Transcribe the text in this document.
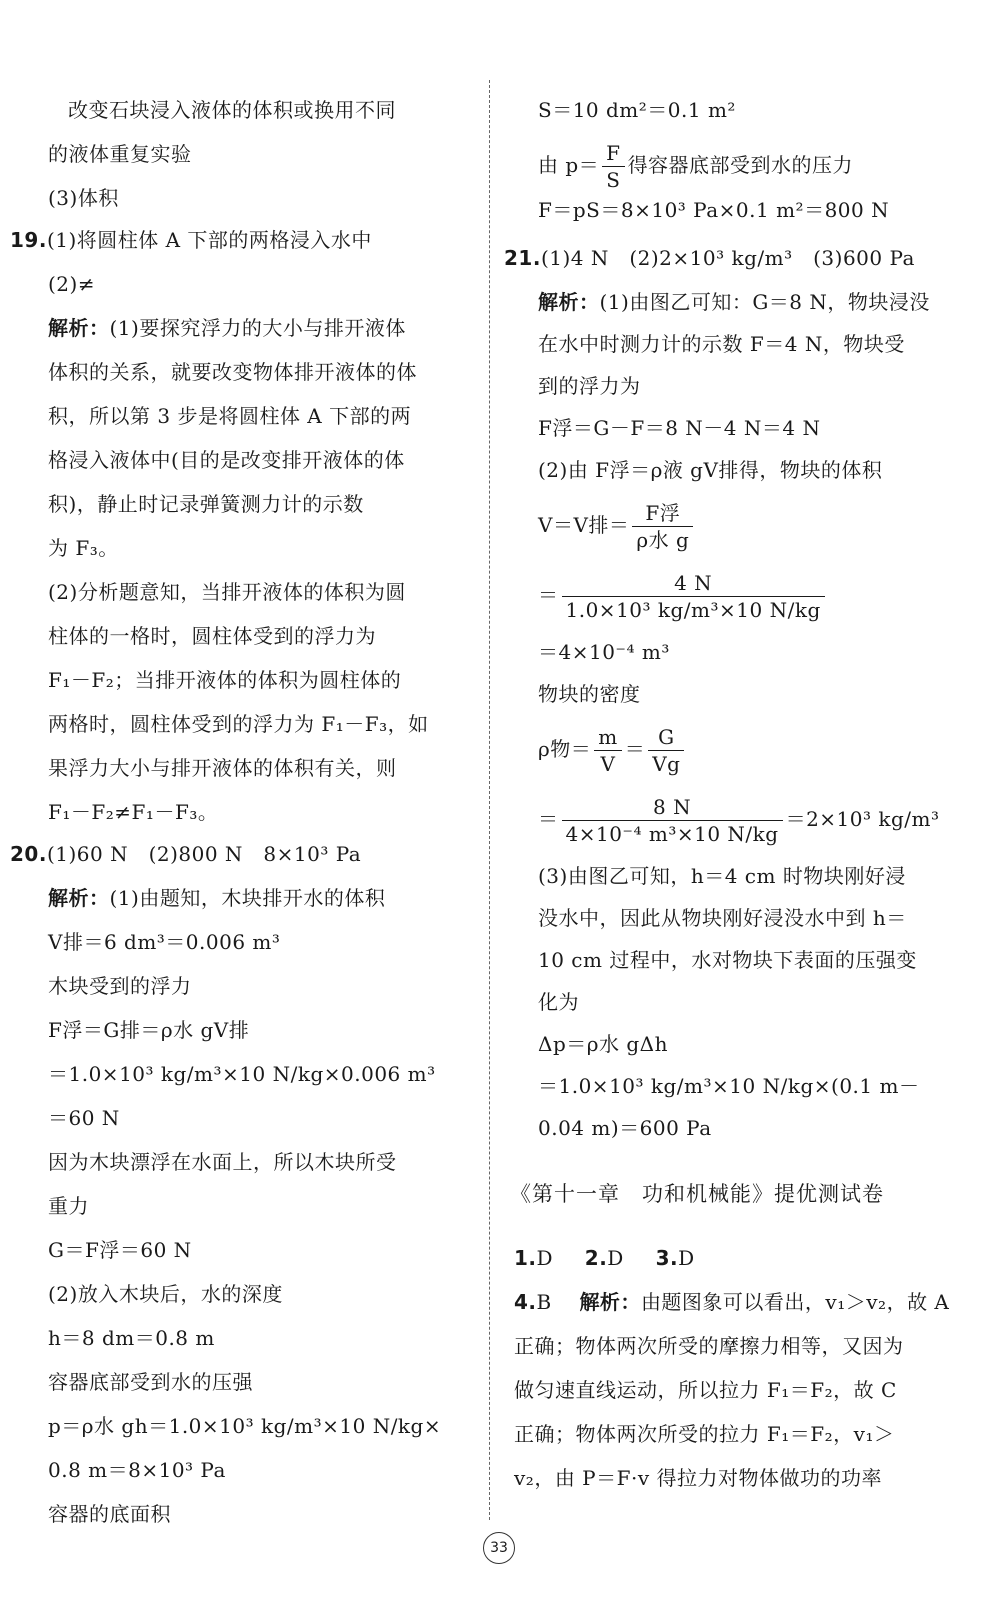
改变石块浸入液体的体积或换用不同
的液体重复实验
(3)体积
19.(1)将圆柱体 A 下部的两格浸入水中
(2)≠
解析：(1)要探究浮力的大小与排开液体
体积的关系，就要改变物体排开液体的体
积，所以第 3 步是将圆柱体 A 下部的两
格浸入液体中(目的是改变排开液体的体
积)，静止时记录弹簧测力计的示数
为 F₃。
(2)分析题意知，当排开液体的体积为圆
柱体的一格时，圆柱体受到的浮力为
F₁－F₂；当排开液体的体积为圆柱体的
两格时，圆柱体受到的浮力为 F₁－F₃，如
果浮力大小与排开液体的体积有关，则
F₁－F₂≠F₁－F₃。
20.(1)60 N　(2)800 N　8×10³ Pa
解析：(1)由题知，木块排开水的体积
V排＝6 dm³＝0.006 m³
木块受到的浮力
F浮＝G排＝ρ水 gV排
＝1.0×10³ kg/m³×10 N/kg×0.006 m³
＝60 N
因为木块漂浮在水面上，所以木块所受
重力
G＝F浮＝60 N
(2)放入木块后，水的深度
h＝8 dm＝0.8 m
容器底部受到水的压强
p＝ρ水 gh＝1.0×10³ kg/m³×10 N/kg×
0.8 m＝8×10³ Pa
容器的底面积
S＝10 dm²＝0.1 m²
由 $p= \frac{F}{S}$ 得容器底部受到水的压力
F＝pS＝8×10³ Pa×0.1 m²＝800 N
21.(1)4 N　(2)2×10³ kg/m³　(3)600 Pa
解析：(1)由图乙可知：G＝8 N，物块浸没
在水中时测力计的示数 F＝4 N，物块受
到的浮力为
F浮＝G－F＝8 N－4 N＝4 N
(2)由 F浮＝ρ液 gV排得，物块的体积
V＝V排＝ $\frac{\text{F浮}}{\text{ρ水 g}}$
＝ $\frac{4 N}{\text{1.0×10³ kg/m³×10 N/kg}}$
＝4×10⁻⁴ m³
物块的密度
ρ物＝ $\frac{m}{V} = \frac{G}{Vg}$
＝ $\frac{8 N}{\text{4×10⁻⁴ m³×10 N/kg}} =2\times 10^3$ kg/m³
(3)由图乙可知，h＝4 cm 时物块刚好浸
没水中，因此从物块刚好浸没水中到 h＝
10 cm 过程中，水对物块下表面的压强变
化为
Δp＝ρ水 gΔh
＝1.0×10³ kg/m³×10 N/kg×(0.1 m－
0.04 m)＝600 Pa
《第十一章　功和机械能》提优测试卷
1.D 2.D 3.D
4.B 解析：由题图象可以看出，v₁＞v₂，故 A
正确；物体两次所受的摩擦力相等，又因为
做匀速直线运动，所以拉力 F₁＝F₂，故 C
正确；物体两次所受的拉力 F₁＝F₂，v₁＞
v₂，由 P＝F·v 得拉力对物体做功的功率
33
